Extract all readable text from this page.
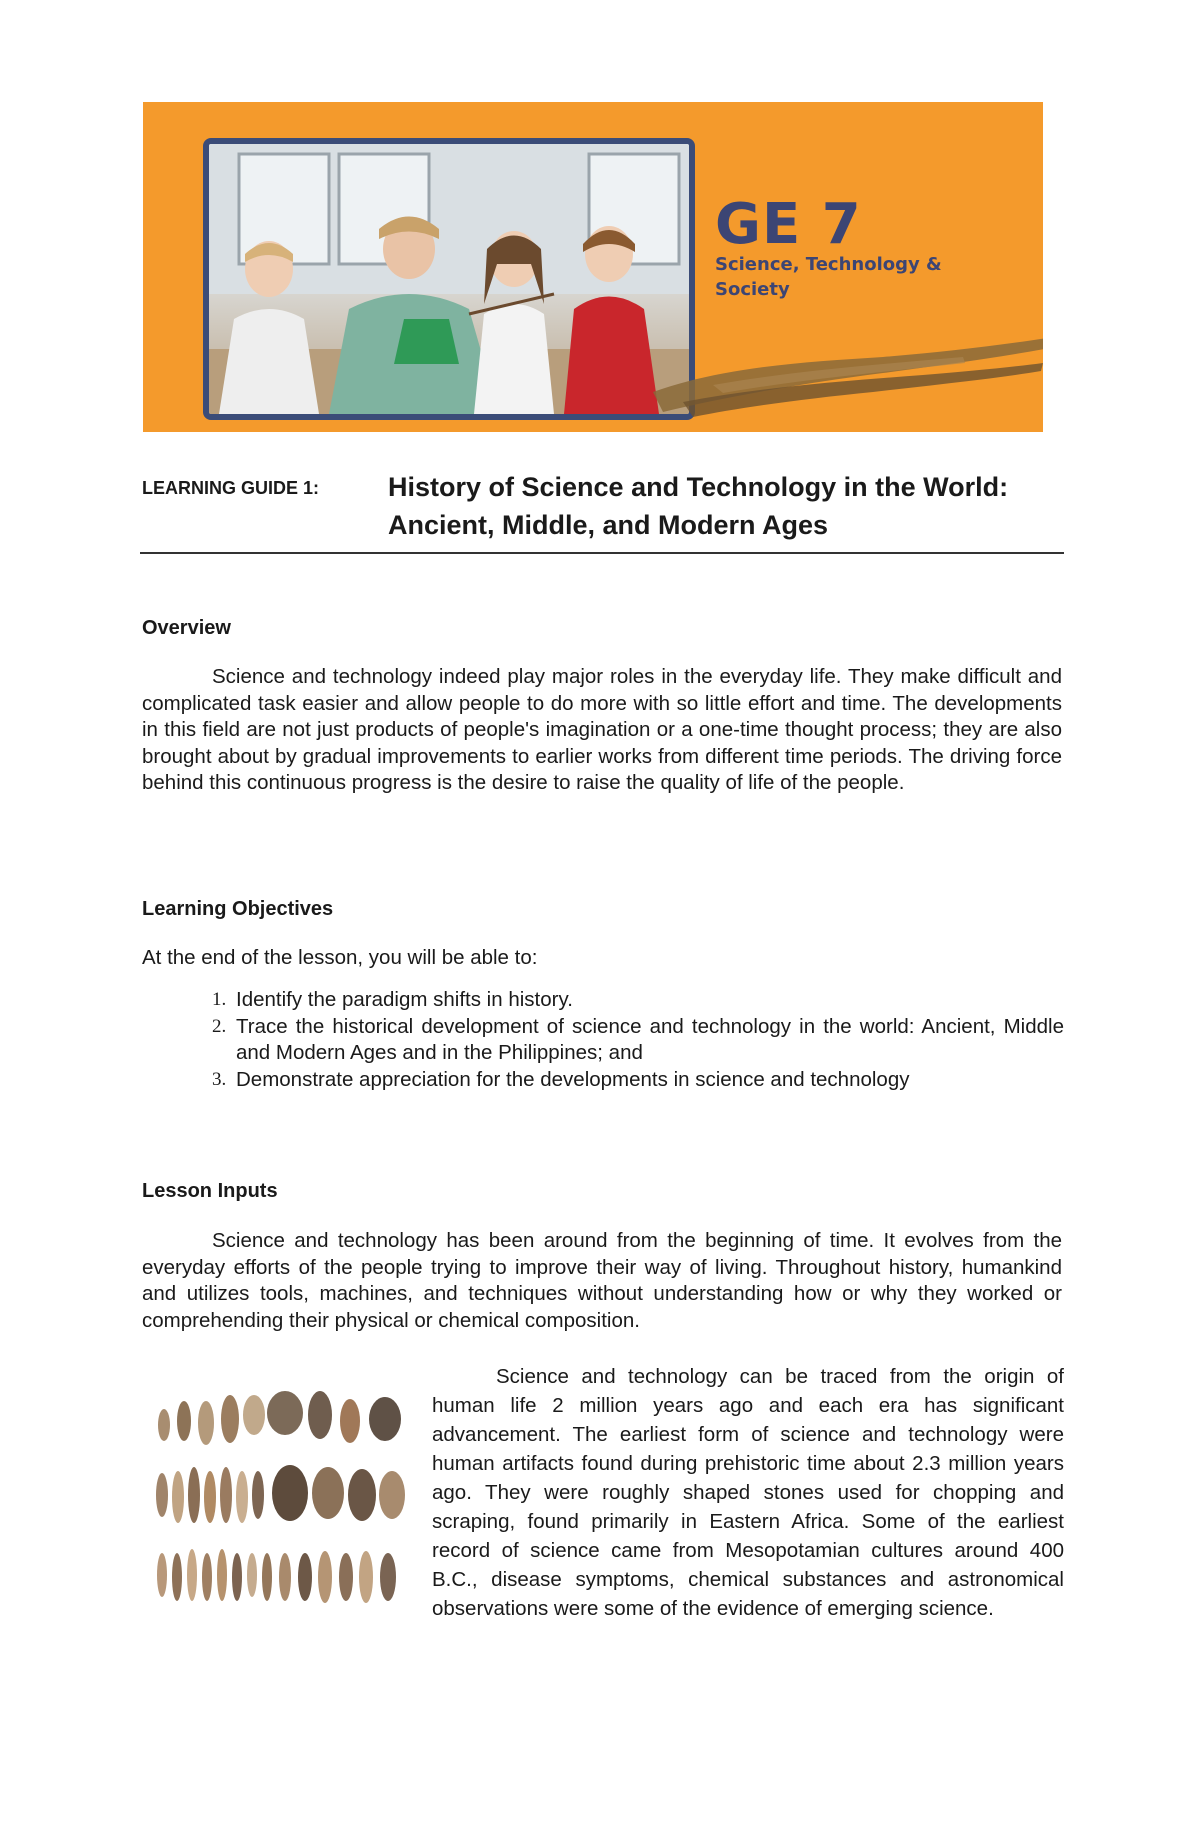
GE 7

Science, Technology & Society

LEARNING GUIDE 1:	History of Science and Technology in the World: Ancient, Middle, and Modern Ages
Overview

Science and technology indeed play major roles in the everyday life. They make difficult and complicated task easier and allow people to do more with so little effort and time. The developments in this field are not just products of people's imagination or a one-time thought process; they are also brought about by gradual improvements to earlier works from different time periods. The driving force behind this continuous progress is the desire to raise the quality of life of the people.

Learning Objectives

At the end of the lesson, you will be able to:

1. Identify the paradigm shifts in history.
2. Trace the historical development of science and technology in the world: Ancient, Middle and Modern Ages and in the Philippines; and
3. Demonstrate appreciation for the developments in science and technology
Lesson Inputs

Science and technology has been around from the beginning of time. It evolves from the everyday efforts of the people trying to improve their way of living. Throughout history, humankind and utilizes tools, machines, and techniques without understanding how or why they worked or comprehending their physical or chemical composition.

Science and technology can be traced from the origin of human life 2 million years ago and each era has significant advancement. The earliest form of science and technology were human artifacts found during prehistoric time about 2.3 million years ago. They were roughly shaped stones used for chopping and scraping, found primarily in Eastern Africa. Some of the earliest record of science came from Mesopotamian cultures around 400 B.C., disease symptoms, chemical substances and astronomical observations were some of the evidence of emerging science.
